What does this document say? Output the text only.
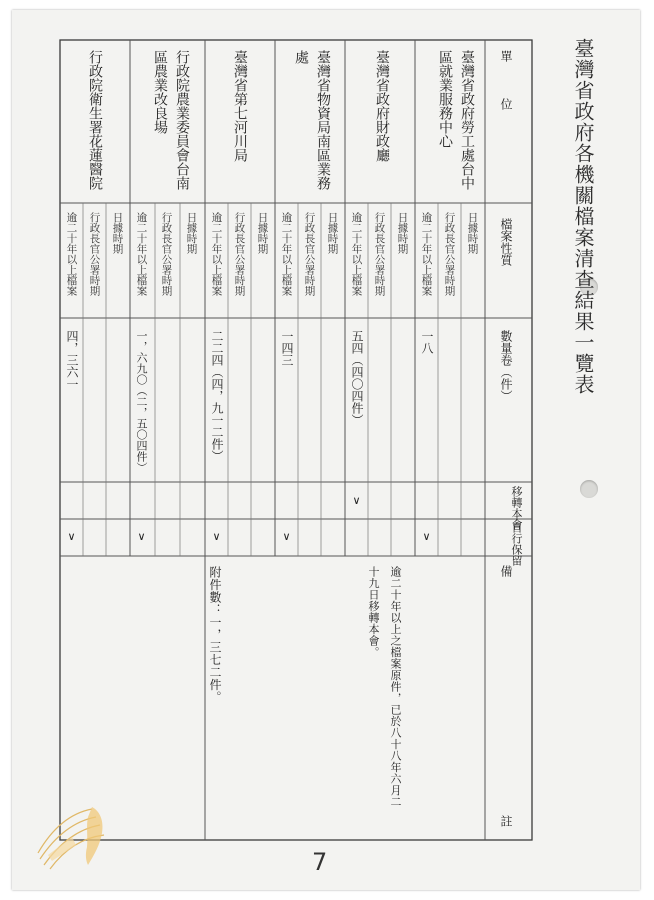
臺灣省政府各機關檔案清查結果一覽表
單　　　位
檔案性質
數量卷（件）
移轉本會
自行保留
備
註
臺灣省政府勞工處台中
區就業服務中心
日據時期
行政長官公署時期
逾二十年以上檔案
一八
∨
臺灣省政府財政廳
日據時期
行政長官公署時期
逾二十年以上檔案
五四（四〇四件）
∨
逾二十年以上之檔案原件，已於八十八年六月二
十九日移轉本會。
臺灣省物資局南區業務
處
日據時期
行政長官公署時期
逾二十年以上檔案
一四三
∨
臺灣省第七河川局
日據時期
行政長官公署時期
逾二十年以上檔案
二二四（四，九一二件）
∨
附件數：一，三七二件。
行政院農業委員會台南
區農業改良場
日據時期
行政長官公署時期
逾二十年以上檔案
一，六九〇（二，五〇四件）
∨
行政院衛生署花蓮醫院
日據時期
行政長官公署時期
逾二十年以上檔案
四，三六一
∨
7
